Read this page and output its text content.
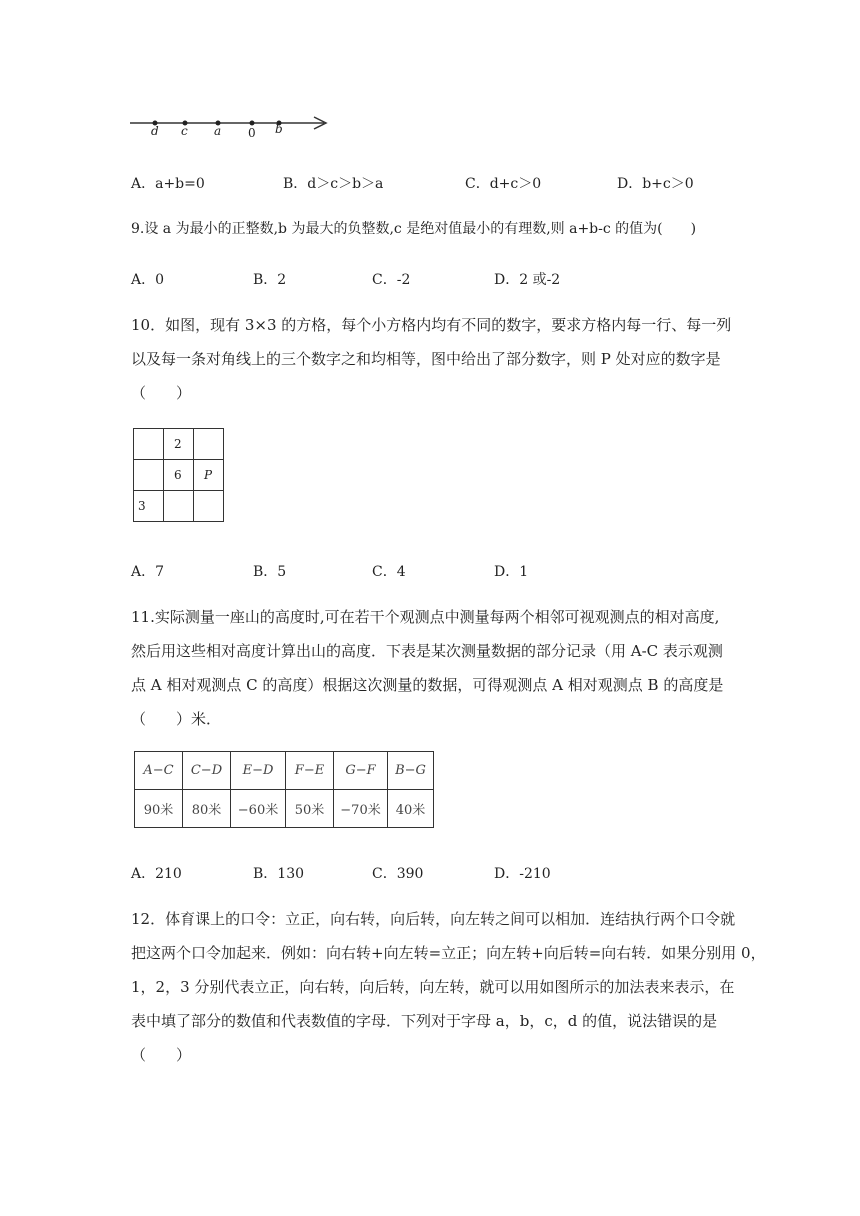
d c a 0 b
A．a+b=0	B．d＞c＞b＞a	C．d+c＞0	D．b+c＞0
9.设 a 为最小的正整数,b 为最大的负整数,c 是绝对值最小的有理数,则 a+b-c 的值为(　　)
A．0	B．2	C．-2	D．2 或-2
10．如图，现有 3×3 的方格，每个小方格内均有不同的数字，要求方格内每一行、每一列
以及每一条对角线上的三个数字之和均相等，图中给出了部分数字，则 P 处对应的数字是
（　　）
	2	
	6	P
3		
A．7	B．5	C．4	D．1
11.实际测量一座山的高度时,可在若干个观测点中测量每两个相邻可视观测点的相对高度,
然后用这些相对高度计算出山的高度．下表是某次测量数据的部分记录（用 A-C 表示观测
点 A 相对观测点 C 的高度）根据这次测量的数据，可得观测点 A 相对观测点 B 的高度是
（　　）米．
A−C	C−D	E−D	F−E	G−F	B−G
90米	80米	−60米	50米	−70米	40米
A．210	B．130	C．390	D．-210
12．体育课上的口令：立正，向右转，向后转，向左转之间可以相加．连结执行两个口令就
把这两个口令加起来．例如：向右转+向左转=立正；向左转+向后转=向右转．如果分别用 0，
1，2，3 分别代表立正，向右转，向后转，向左转，就可以用如图所示的加法表来表示，在
表中填了部分的数值和代表数值的字母．下列对于字母 a，b，c，d 的值，说法错误的是
（　　）
